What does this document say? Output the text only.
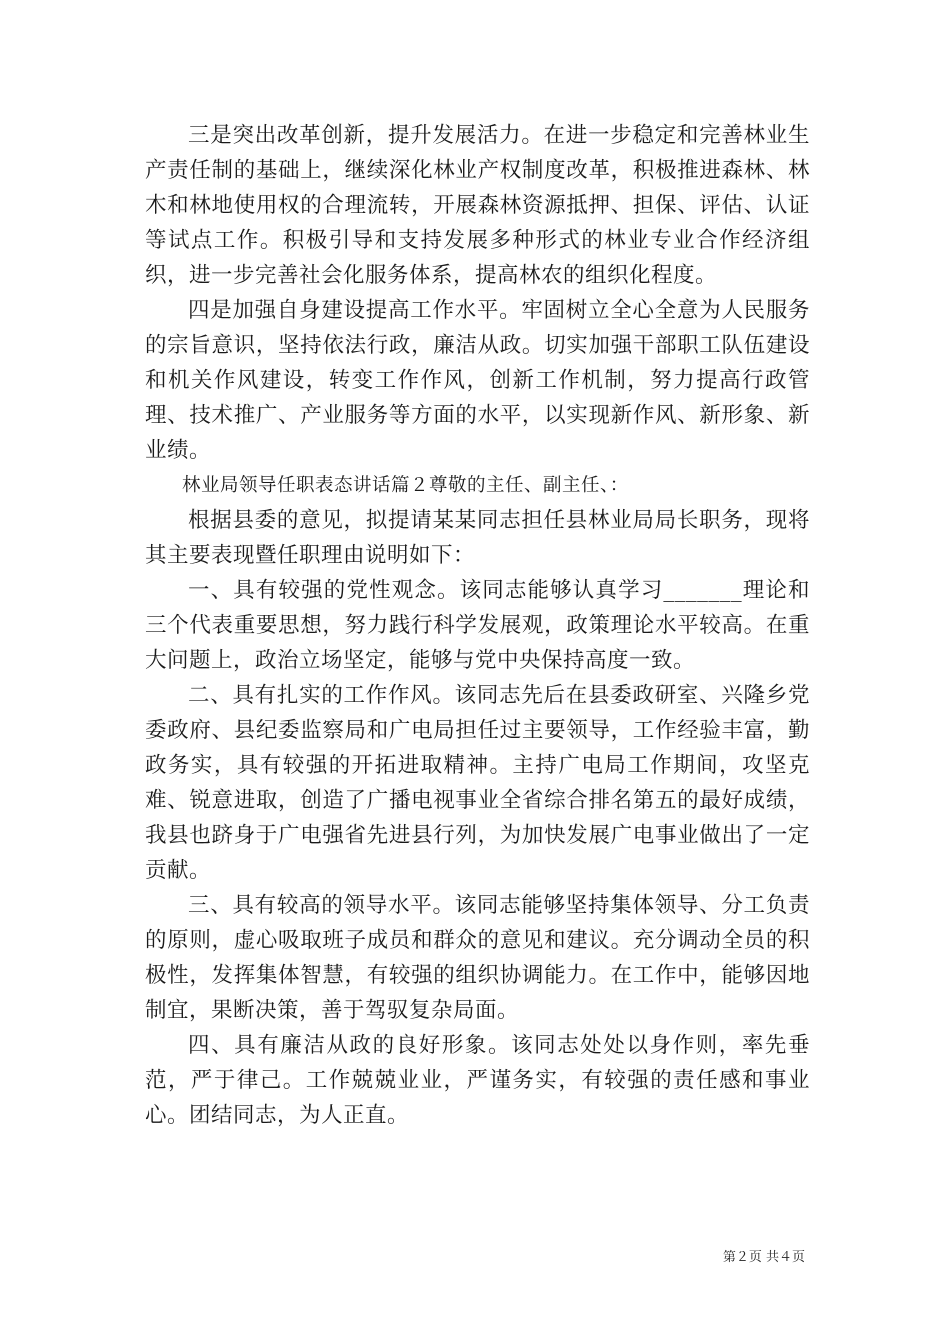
三是突出改革创新，提升发展活力。在进一步稳定和完善林业生产责任制的基础上，继续深化林业产权制度改革，积极推进森林、林木和林地使用权的合理流转，开展森林资源抵押、担保、评估、认证等试点工作。积极引导和支持发展多种形式的林业专业合作经济组织，进一步完善社会化服务体系，提高林农的组织化程度。

四是加强自身建设提高工作水平。牢固树立全心全意为人民服务的宗旨意识，坚持依法行政，廉洁从政。切实加强干部职工队伍建设和机关作风建设，转变工作作风，创新工作机制，努力提高行政管理、技术推广、产业服务等方面的水平，以实现新作风、新形象、新业绩。

林业局领导任职表态讲话篇２尊敬的主任、副主任、：

根据县委的意见，拟提请某某同志担任县林业局局长职务，现将其主要表现暨任职理由说明如下：

一、具有较强的党性观念。该同志能够认真学习_______理论和三个代表重要思想，努力践行科学发展观，政策理论水平较高。在重大问题上，政治立场坚定，能够与党中央保持高度一致。

二、具有扎实的工作作风。该同志先后在县委政研室、兴隆乡党委政府、县纪委监察局和广电局担任过主要领导，工作经验丰富，勤政务实，具有较强的开拓进取精神。主持广电局工作期间，攻坚克难、锐意进取，创造了广播电视事业全省综合排名第五的最好成绩，我县也跻身于广电强省先进县行列，为加快发展广电事业做出了一定贡献。

三、具有较高的领导水平。该同志能够坚持集体领导、分工负责的原则，虚心吸取班子成员和群众的意见和建议。充分调动全员的积极性，发挥集体智慧，有较强的组织协调能力。在工作中，能够因地制宜，果断决策，善于驾驭复杂局面。

四、具有廉洁从政的良好形象。该同志处处以身作则，率先垂范，严于律己。工作兢兢业业，严谨务实，有较强的责任感和事业心。团结同志，为人正直。

第２页 共４页
